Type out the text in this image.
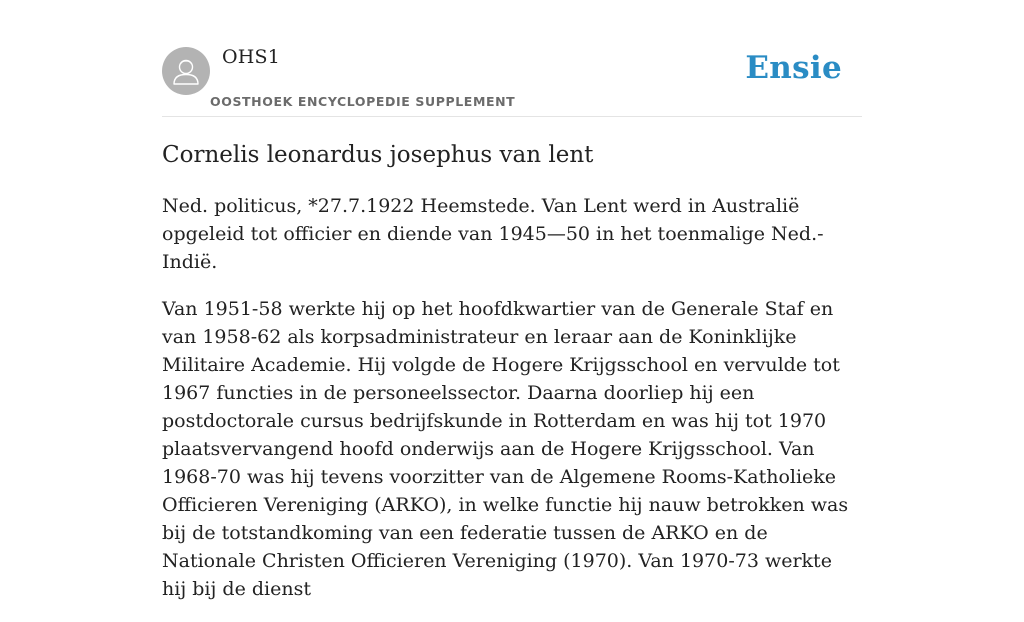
OHS1
OOSTHOEK ENCYCLOPEDIE SUPPLEMENT
Ensie
Cornelis leonardus josephus van lent

Ned. politicus, *27.7.1922 Heemstede. Van Lent werd in Australië opgeleid tot officier en diende van 1945—50 in het toenmalige Ned.-Indië.

Van 1951-58 werkte hij op het hoofdkwartier van de Generale Staf en van 1958-62 als korpsadministrateur en leraar aan de Koninklijke Militaire Academie. Hij volgde de Hogere Krijgsschool en vervulde tot 1967 functies in de personeelssector. Daarna doorliep hij een postdoctorale cursus bedrijfskunde in Rotterdam en was hij tot 1970 plaatsvervangend hoofd onderwijs aan de Hogere Krijgsschool. Van 1968-70 was hij tevens voorzitter van de Algemene Rooms-Katholieke Officieren Vereniging (ARKO), in welke functie hij nauw betrokken was bij de totstandkoming van een federatie tussen de ARKO en de Nationale Christen Officieren Vereniging (1970). Van 1970-73 werkte hij bij de dienst
